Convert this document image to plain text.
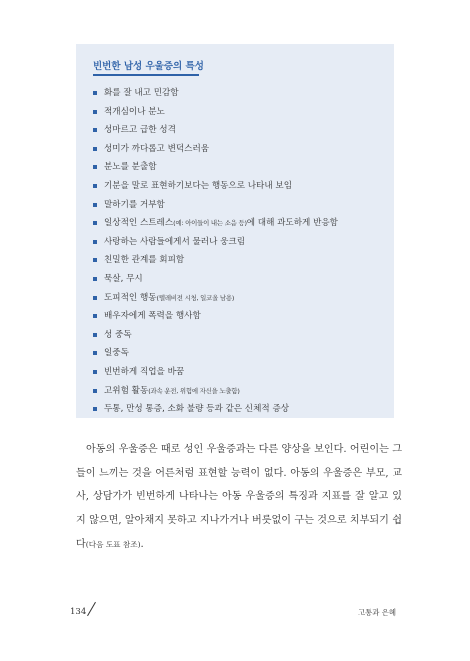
빈번한 남성 우울증의 특성
화를 잘 내고 민감함
적개심이나 분노
성마르고 급한 성격
성미가 까다롭고 변덕스러움
분노를 분출함
기분을 말로 표현하기보다는 행동으로 나타내 보임
말하기를 거부함
일상적인 스트레스(예: 아이들이 내는 소음 등)에 대해 과도하게 반응함
사랑하는 사람들에게서 물러나 웅크림
친밀한 관계를 회피함
묵살, 무시
도피적인 행동(텔레비전 시청, 일코올 남용)
배우자에게 폭력을 행사함
성 중독
일중독
빈번하게 직업을 바꿈
고위험 활동(과속 운전, 위험에 자신을 노출함)
두통, 만성 통증, 소화 불량 등과 같은 신체적 증상

아동의 우울증은 때로 성인 우울증과는 다른 양상을 보인다. 어린이는 그들이 느끼는 것을 어른처럼 표현할 능력이 없다. 아동의 우울증은 부모, 교사, 상담가가 빈번하게 나타나는 아동 우울증의 특징과 지표를 잘 알고 있지 않으면, 알아채지 못하고 지나가거나 버릇없이 구는 것으로 치부되기 쉽다(다음 도표 참조).

134	고통과 은혜
